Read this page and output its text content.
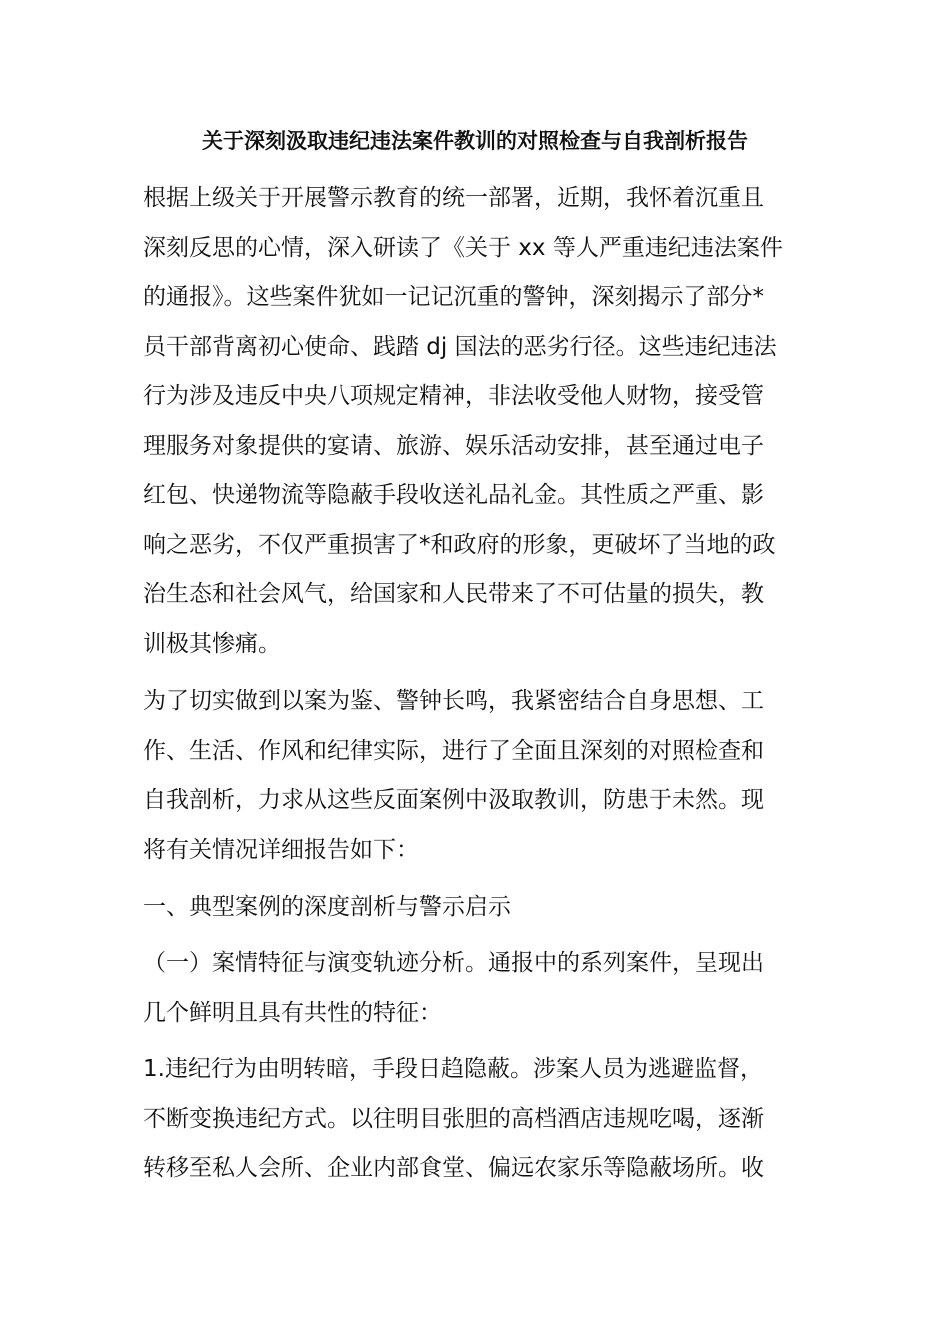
关于深刻汲取违纪违法案件教训的对照检查与自我剖析报告
根据上级关于开展警示教育的统一部署，近期，我怀着沉重且
深刻反思的心情，深入研读了《关于 xx 等人严重违纪违法案件
的通报》。这些案件犹如一记记沉重的警钟，深刻揭示了部分*
员干部背离初心使命、践踏 dj 国法的恶劣行径。这些违纪违法
行为涉及违反中央八项规定精神，非法收受他人财物，接受管
理服务对象提供的宴请、旅游、娱乐活动安排，甚至通过电子
红包、快递物流等隐蔽手段收送礼品礼金。其性质之严重、影
响之恶劣，不仅严重损害了*和政府的形象，更破坏了当地的政
治生态和社会风气，给国家和人民带来了不可估量的损失，教
训极其惨痛。
为了切实做到以案为鉴、警钟长鸣，我紧密结合自身思想、工
作、生活、作风和纪律实际，进行了全面且深刻的对照检查和
自我剖析，力求从这些反面案例中汲取教训，防患于未然。现
将有关情况详细报告如下：
一、典型案例的深度剖析与警示启示
（一）案情特征与演变轨迹分析。通报中的系列案件，呈现出
几个鲜明且具有共性的特征：
1.违纪行为由明转暗，手段日趋隐蔽。涉案人员为逃避监督，
不断变换违纪方式。以往明目张胆的高档酒店违规吃喝，逐渐
转移至私人会所、企业内部食堂、偏远农家乐等隐蔽场所。收
